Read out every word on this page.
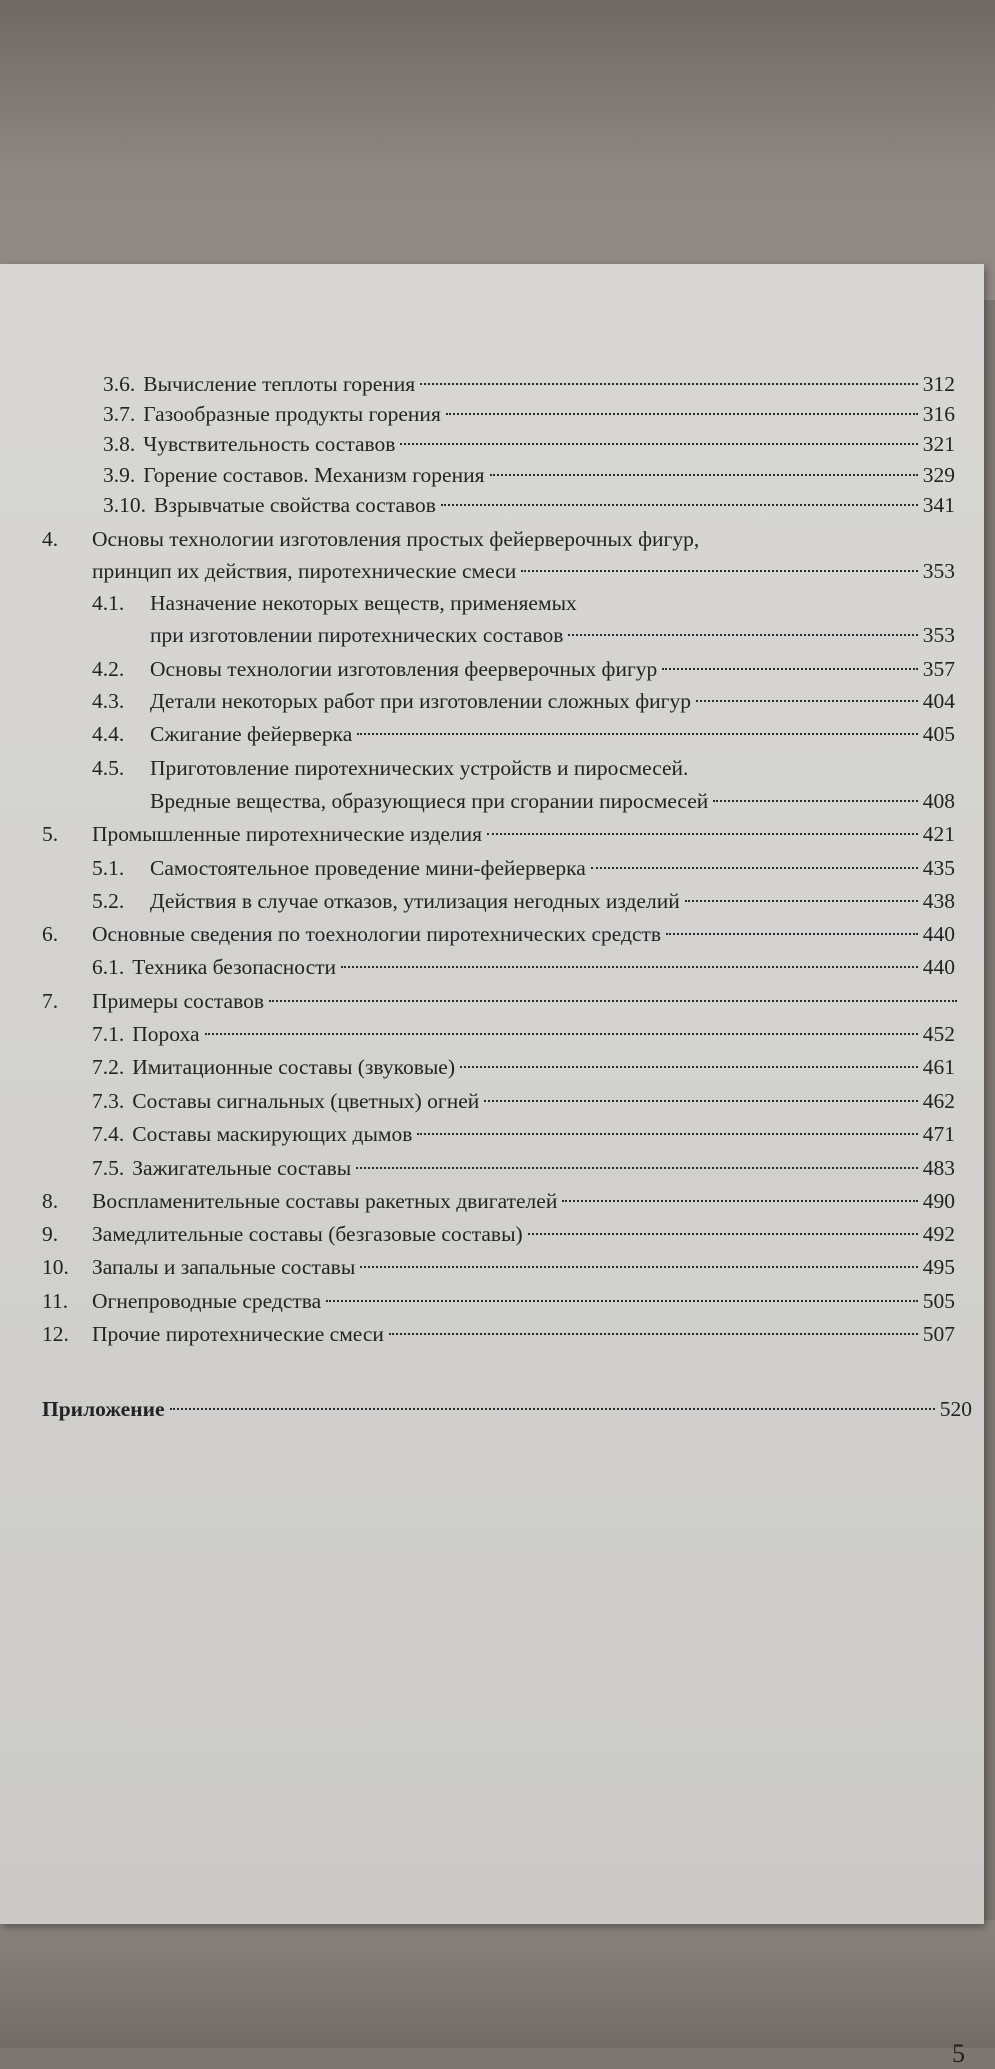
3.6. Вычисление теплоты горения	312
3.7. Газообразные продукты горения	316
3.8. Чувствительность составов	321
3.9. Горение составов. Механизм горения	329
3.10. Взрывчатые свойства составов	341
4. Основы технологии изготовления простых фейерверочных фигур,
принцип их действия, пиротехнические смеси	353
4.1. Назначение некоторых веществ, применяемых
при изготовлении пиротехнических составов	353
4.2. Основы технологии изготовления феерверочных фигур	357
4.3. Детали некоторых работ при изготовлении сложных фигур	404
4.4. Сжигание фейерверка	405
4.5. Приготовление пиротехнических устройств и пиросмесей.
Вредные вещества, образующиеся при сгорании пиросмесей	408
5. Промышленные пиротехнические изделия	421
5.1. Самостоятельное проведение мини-фейерверка	435
5.2. Действия в случае отказов, утилизация негодных изделий	438
6. Основные сведения по тоехнологии пиротехнических средств	440
6.1. Техника безопасности	440
7. Примеры составов
7.1. Пороха	452
7.2. Имитационные составы (звуковые)	461
7.3. Составы сигнальных (цветных) огней	462
7.4. Составы маскирующих дымов	471
7.5. Зажигательные составы	483
8. Воспламенительные составы ракетных двигателей	490
9. Замедлительные составы (безгазовые составы)	492
10. Запалы и запальные составы	495
11. Огнепроводные средства	505
12. Прочие пиротехнические смеси	507
Приложение	520
5
